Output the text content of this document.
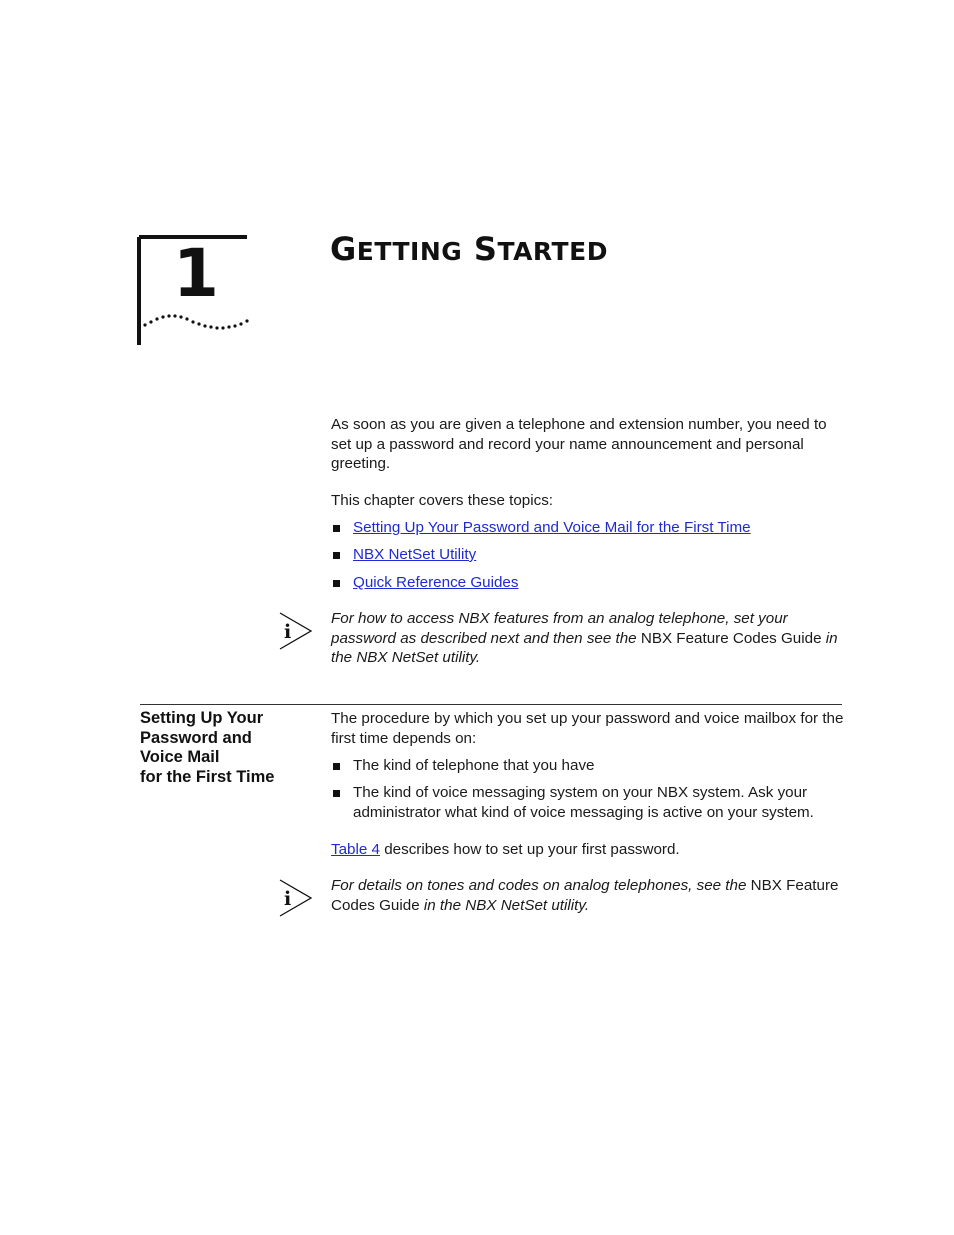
1	GETTING STARTED
As soon as you are given a telephone and extension number, you need to set up a password and record your name announcement and personal greeting.
This chapter covers these topics:
Setting Up Your Password and Voice Mail for the First Time
NBX NetSet Utility
Quick Reference Guides
i
For how to access NBX features from an analog telephone, set your password as described next and then see the NBX Feature Codes Guide in the NBX NetSet utility.
Setting Up Your
Password and
Voice Mail
for the First Time
The procedure by which you set up your password and voice mailbox for the first time depends on:
The kind of telephone that you have
The kind of voice messaging system on your NBX system. Ask your administrator what kind of voice messaging is active on your system.
Table 4 describes how to set up your first password.
i
For details on tones and codes on analog telephones, see the NBX Feature Codes Guide in the NBX NetSet utility.
